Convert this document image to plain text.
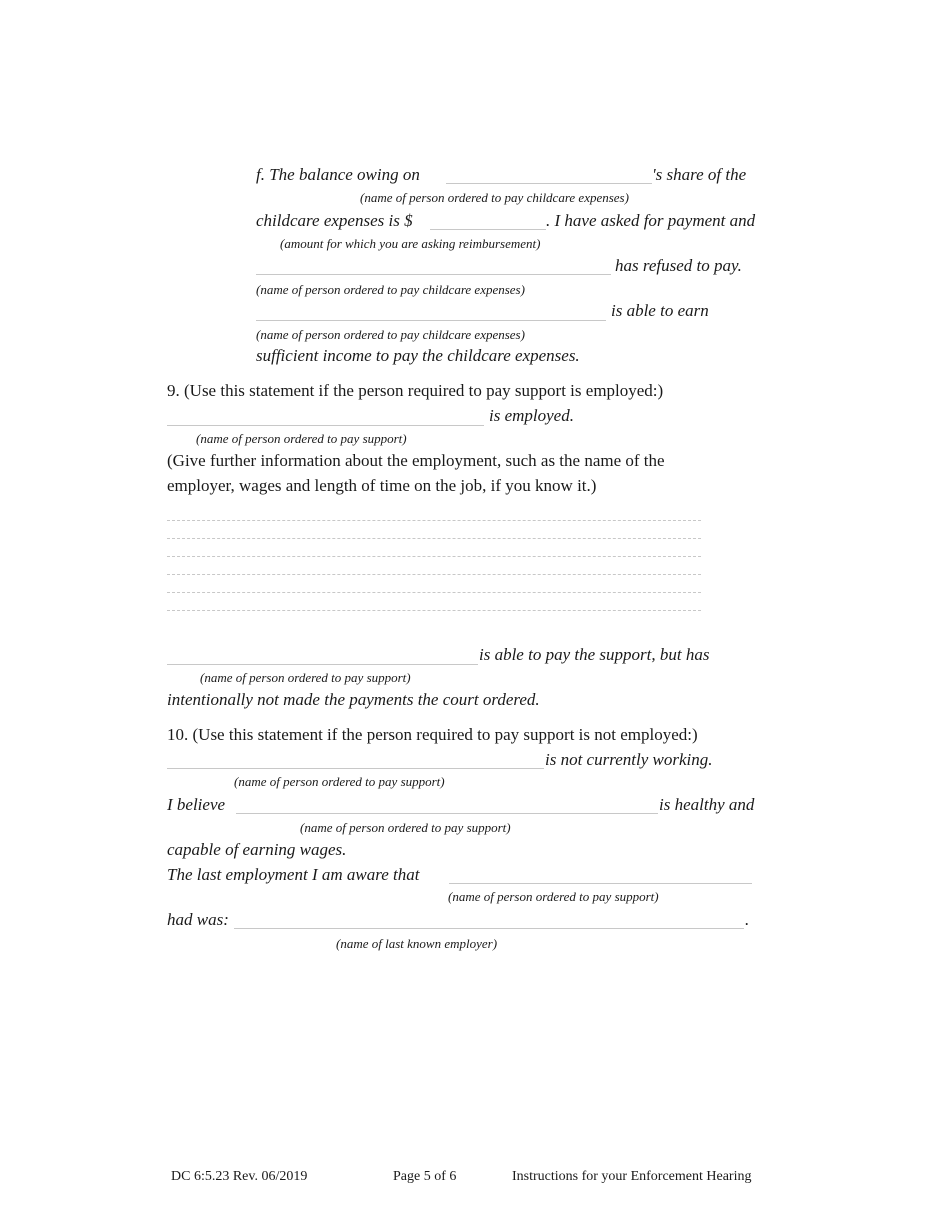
f. The balance owing on	's share of the
(name of person ordered to pay childcare expenses)
childcare expenses is $	. I have asked for payment and
(amount for which you are asking reimbursement)
has refused to pay.
(name of person ordered to pay childcare expenses)
is able to earn
(name of person ordered to pay childcare expenses)
sufficient income to pay the childcare expenses.
9. (Use this statement if the person required to pay support is employed:)
is employed.
(name of person ordered to pay support)
(Give further information about the employment, such as the name of the
employer, wages and length of time on the job, if you know it.)
is able to pay the support, but has
(name of person ordered to pay support)
intentionally not made the payments the court ordered.
10. (Use this statement if the person required to pay support is not employed:)
is not currently working.
(name of person ordered to pay support)
I believe	is healthy and
(name of person ordered to pay support)
capable of earning wages.
The last employment I am aware that
(name of person ordered to pay support)
had was:	.
(name of last known employer)
DC 6:5.23 Rev. 06/2019	Page 5 of 6	Instructions for your Enforcement Hearing
